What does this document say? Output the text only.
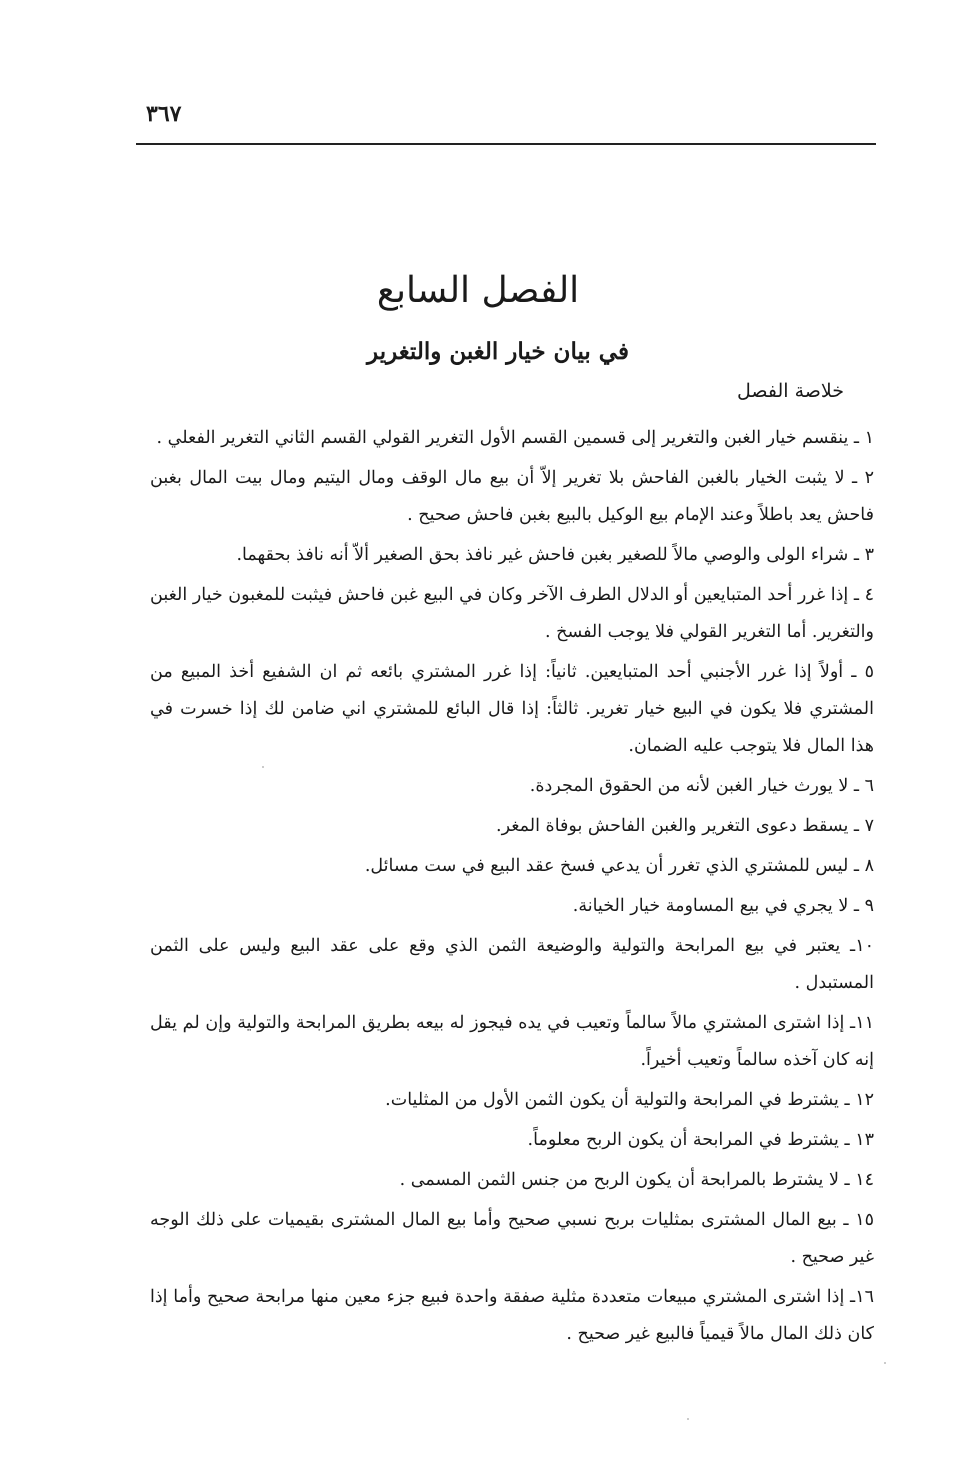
٣٦٧
الفصل السابع
في بيان خيار الغبن والتغرير
خلاصة الفصل

١ ـ ينقسم خيار الغبن والتغرير إلى قسمين القسم الأول التغرير القولي القسم الثاني التغرير الفعلي .

٢ ـ لا يثبت الخيار بالغبن الفاحش بلا تغرير إلاّ أن بيع مال الوقف ومال اليتيم ومال بيت المال بغبن فاحش يعد باطلاً وعند الإمام بيع الوكيل بالبيع بغبن فاحش صحيح .

٣ ـ شراء الولى والوصي مالاً للصغير بغبن فاحش غير نافذ بحق الصغير ألاّ أنه نافذ بحقهما.

٤ ـ إذا غرر أحد المتبايعين أو الدلال الطرف الآخر وكان في البيع غبن فاحش فيثبت للمغبون خيار الغبن والتغرير. أما التغرير القولي فلا يوجب الفسخ .

٥ ـ أولاً إذا غرر الأجنبي أحد المتبايعين. ثانياً: إذا غرر المشتري بائعه ثم ان الشفيع أخذ المبيع من المشتري فلا يكون في البيع خيار تغرير. ثالثاً: إذا قال البائع للمشتري اني ضامن لك إذا خسرت في هذا المال فلا يتوجب عليه الضمان.

٦ ـ لا يورث خيار الغبن لأنه من الحقوق المجردة.

٧ ـ يسقط دعوى التغرير والغبن الفاحش بوفاة المغر.

٨ ـ ليس للمشتري الذي تغرر أن يدعي فسخ عقد البيع في ست مسائل.

٩ ـ لا يجري في بيع المساومة خيار الخيانة.

١٠ـ يعتبر في بيع المرابحة والتولية والوضيعة الثمن الذي وقع على عقد البيع وليس على الثمن المستبدل .

١١ـ إذا اشترى المشتري مالاً سالماً وتعيب في يده فيجوز له بيعه بطريق المرابحة والتولية وإن لم يقل إنه كان آخذه سالماً وتعيب أخيراً.

١٢ ـ يشترط في المرابحة والتولية أن يكون الثمن الأول من المثليات.

١٣ ـ يشترط في المرابحة أن يكون الربح معلوماً.

١٤ ـ لا يشترط بالمرابحة أن يكون الربح من جنس الثمن المسمى .

١٥ ـ بيع المال المشترى بمثليات بربح نسبي صحيح وأما بيع المال المشترى بقيميات على ذلك الوجه غير صحيح .

١٦ـ إذا اشترى المشتري مبيعات متعددة مثلية صفقة واحدة فبيع جزء معين منها مرابحة صحيح وأما إذا كان ذلك المال مالاً قيمياً فالبيع غير صحيح .
